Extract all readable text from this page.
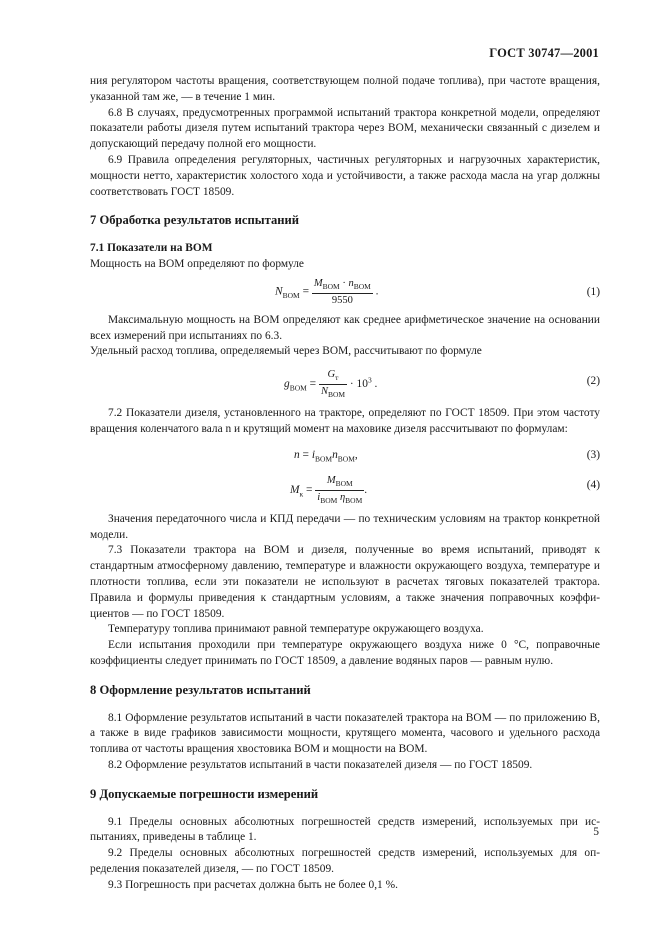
ГОСТ 30747—2001

ния регулятором частоты вращения, соответствующем полной подаче топлива), при частоте вращения, указанной там же, — в течение 1 мин.

6.8 В случаях, предусмотренных программой испытаний трактора конкретной модели, определяют показатели работы дизеля путем испытаний трактора через ВОМ, механически связанный с дизелем и допускающий передачу полной его мощности.

6.9 Правила определения регуляторных, частичных регуляторных и нагрузочных характеристик, мощности нетто, характеристик холостого хода и устойчивости, а также расхода масла на угар должны соответствовать ГОСТ 18509.

7 Обработка результатов испытаний

7.1 Показатели на ВОМ

Мощность на ВОМ определяют по формуле

$N_{ВОМ} = \frac{M_{ВОМ} \cdot n_{ВОМ}}{9550}$ .	(1)

Максимальную мощность на ВОМ определяют как среднее арифметическое значение на основании всех измерений при испытаниях по 6.3.

Удельный расход топлива, определяемый через ВОМ, рассчитывают по формуле

$g_{ВОМ} = \frac{G_т}{N_{ВОМ}} \cdot 10^3$ .	(2)

7.2 Показатели дизеля, установленного на тракторе, определяют по ГОСТ 18509. При этом частоту вращения коленчатого вала n и крутящий момент на маховике дизеля рассчитывают по формулам:

$n = i_{ВОМ}n_{ВОМ}$,	(3)
$M_к = \frac{M_{ВОМ}}{i_{ВОМ} \eta_{ВОМ}}$ .	(4)

Значения передаточного числа и КПД передачи — по техническим условиям на трактор конкретной модели.

7.3 Показатели трактора на ВОМ и дизеля, полученные во время испытаний, приводят к стандартным атмосферному давлению, температуре и влажности окружающего воздуха, температуре и плотности топлива, если эти показатели не используют в расчетах тяговых показателей трактора. Правила и формулы приведения к стандартным условиям, а также значения поправочных коэффициентов — по ГОСТ 18509.

Температуру топлива принимают равной температуре окружающего воздуха.

Если испытания проходили при температуре окружающего воздуха ниже 0 °С, поправочные коэффициенты следует принимать по ГОСТ 18509, а давление водяных паров — равным нулю.

8 Оформление результатов испытаний

8.1 Оформление результатов испытаний в части показателей трактора на ВОМ — по приложению В, а также в виде графиков зависимости мощности, крутящего момента, часового и удельного расхода топлива от частоты вращения хвостовика ВОМ и мощности на ВОМ.

8.2 Оформление результатов испытаний в части показателей дизеля — по ГОСТ 18509.

9 Допускаемые погрешности измерений

9.1 Пределы основных абсолютных погрешностей средств измерений, используемых при испытаниях, приведены в таблице 1.

9.2 Пределы основных абсолютных погрешностей средств измерений, используемых для определения показателей дизеля, — по ГОСТ 18509.

9.3 Погрешность при расчетах должна быть не более 0,1 %.

5
